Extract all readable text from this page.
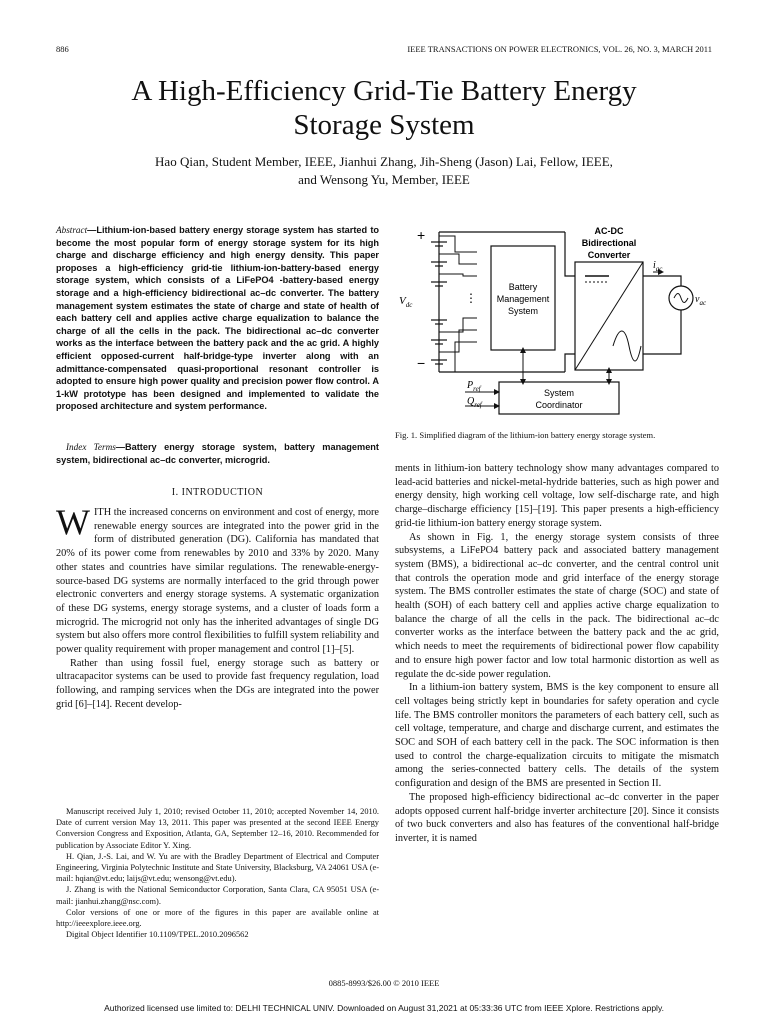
886	IEEE TRANSACTIONS ON POWER ELECTRONICS, VOL. 26, NO. 3, MARCH 2011
A High-Efficiency Grid-Tie Battery Energy
Storage System
Hao Qian, Student Member, IEEE, Jianhui Zhang, Jih-Sheng (Jason) Lai, Fellow, IEEE,
and Wensong Yu, Member, IEEE
Abstract—Lithium-ion-based battery energy storage system has started to become the most popular form of energy storage system for its high charge and discharge efficiency and high energy density. This paper proposes a high-efficiency grid-tie lithium-ion-battery-based energy storage system, which consists of a LiFePO4 -battery-based energy storage and a high-efficiency bidirectional ac–dc converter. The battery management system estimates the state of charge and state of health of each battery cell and applies active charge equalization to balance the charge of all the cells in the pack. The bidirectional ac–dc converter works as the interface between the battery pack and the ac grid. A highly efficient opposed-current half-bridge-type inverter along with an admittance-compensated quasi-proportional resonant controller is adopted to ensure high power quality and precision power flow control. A 1-kW prototype has been designed and implemented to validate the proposed architecture and system performance.
Index Terms—Battery energy storage system, battery management system, bidirectional ac–dc converter, microgrid.
I. INTRODUCTION

WITH the increased concerns on environment and cost of energy, more renewable energy sources are integrated into the power grid in the form of distributed generation (DG). California has mandated that 20% of its power come from renewables by 2010 and 33% by 2020. Many other states and countries have similar regulations. The renewable-energy-source-based DG systems are normally interfaced to the grid through power electronic converters and energy storage systems. A systematic organization of these DG systems, energy storage systems, and a cluster of loads form a microgrid. The microgrid not only has the inherited advantages of single DG system but also offers more control flexibilities to fulfill system reliability and power quality requirement with proper management and control [1]–[5].

Rather than using fossil fuel, energy storage such as battery or ultracapacitor systems can be used to provide fast frequency regulation, load following, and ramping services when the DGs are integrated into the power grid [6]–[14]. Recent develop-

Manuscript received July 1, 2010; revised October 11, 2010; accepted November 14, 2010. Date of current version May 13, 2011. This paper was presented at the second IEEE Energy Conversion Congress and Exposition, Atlanta, GA, September 12–16, 2010. Recommended for publication by Associate Editor Y. Xing.

H. Qian, J.-S. Lai, and W. Yu are with the Bradley Department of Electrical and Computer Engineering, Virginia Polytechnic Institute and State University, Blacksburg, VA 24061 USA (e-mail: hqian@vt.edu; laijs@vt.edu; wensong@vt.edu).

J. Zhang is with the National Semiconductor Corporation, Santa Clara, CA 95051 USA (e-mail: jianhui.zhang@nsc.com).

Color versions of one or more of the figures in this paper are available online at http://ieeexplore.ieee.org.

Digital Object Identifier 10.1109/TPEL.2010.2096562

+
−
$V_{dc}$	⋮
Battery
Management
System
AC-DC
Bidirectional
Converter
$i_{ac}$
$v_{ac}$
System
Coordinator
$P_{ref}$
$Q_{ref}$
Fig. 1. Simplified diagram of the lithium-ion battery energy storage system.

ments in lithium-ion battery technology show many advantages compared to lead-acid batteries and nickel-metal-hydride batteries, such as high power and energy density, high working cell voltage, low self-discharge rate, and high charge–discharge efficiency [15]–[19]. This paper presents a high-efficiency grid-tie lithium-ion battery energy storage system.

As shown in Fig. 1, the energy storage system consists of three subsystems, a LiFePO4 battery pack and associated battery management system (BMS), a bidirectional ac–dc converter, and the central control unit that controls the operation mode and grid interface of the energy storage system. The BMS controller estimates the state of charge (SOC) and state of health (SOH) of each battery cell and applies active charge equalization to balance the charge of all the cells in the pack. The bidirectional ac–dc converter works as the interface between the battery pack and the ac grid, which needs to meet the requirements of bidirectional power flow capability and to ensure high power factor and low total harmonic distortion as well as regulate the dc-side power regulation.

In a lithium-ion battery system, BMS is the key component to ensure all cell voltages being strictly kept in boundaries for safety operation and cycle life. The BMS controller monitors the parameters of each battery cell, such as cell voltage, temperature, and charge and discharge current, and estimates the SOC and SOH of each battery cell in the pack. The SOC information is then used to control the charge-equalization circuits to mitigate the mismatch among the series-connected battery cells. The details of the system configuration and design of the BMS are presented in Section II.

The proposed high-efficiency bidirectional ac–dc converter in the paper adopts opposed current half-bridge inverter architecture [20]. Since it consists of two buck converters and also has features of the conventional half-bridge inverter, it is named

0885-8993/$26.00 © 2010 IEEE
Authorized licensed use limited to: DELHI TECHNICAL UNIV. Downloaded on August 31,2021 at 05:33:36 UTC from IEEE Xplore. Restrictions apply.
